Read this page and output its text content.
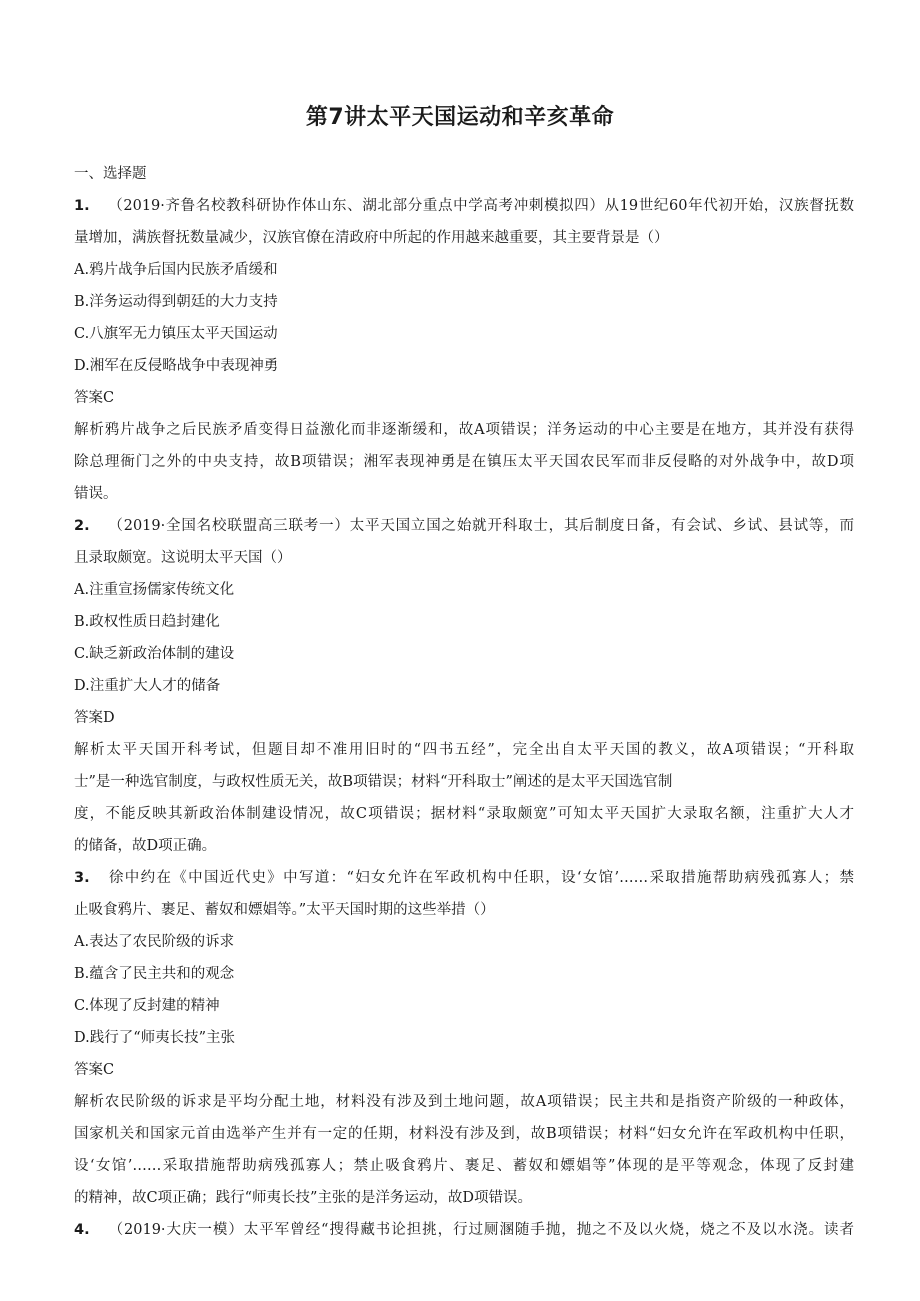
第7讲太平天国运动和辛亥革命
一、选择题
1. （2019·齐鲁名校教科研协作体山东、湖北部分重点中学高考冲刺模拟四）从19世纪60年代初开始，汉族督抚数
量增加，满族督抚数量减少，汉族官僚在清政府中所起的作用越来越重要，其主要背景是（）
A.鸦片战争后国内民族矛盾缓和
B.洋务运动得到朝廷的大力支持
C.八旗军无力镇压太平天国运动
D.湘军在反侵略战争中表现神勇
答案C
解析鸦片战争之后民族矛盾变得日益激化而非逐渐缓和，故A项错误；洋务运动的中心主要是在地方，其并没有获得
除总理衙门之外的中央支持，故B项错误；湘军表现神勇是在镇压太平天国农民军而非反侵略的对外战争中，故D项
错误。
2. （2019·全国名校联盟高三联考一）太平天国立国之始就开科取士，其后制度日备，有会试、乡试、县试等，而
且录取颇宽。这说明太平天国（）
A.注重宣扬儒家传统文化
B.政权性质日趋封建化
C.缺乏新政治体制的建设
D.注重扩大人才的储备
答案D
解析太平天国开科考试，但题目却不准用旧时的“四书五经”，完全出自太平天国的教义，故A项错误；“开科取
士”是一种选官制度，与政权性质无关，故B项错误；材料“开科取士”阐述的是太平天国选官制
度，不能反映其新政治体制建设情况，故C项错误；据材料“录取颇宽”可知太平天国扩大录取名额，注重扩大人才
的储备，故D项正确。
3. 徐中约在《中国近代史》中写道：“妇女允许在军政机构中任职，设‘女馆’……采取措施帮助病残孤寡人；禁
止吸食鸦片、裹足、蓄奴和嫖娼等。”太平天国时期的这些举措（）
A.表达了农民阶级的诉求
B.蕴含了民主共和的观念
C.体现了反封建的精神
D.践行了“师夷长技”主张
答案C
解析农民阶级的诉求是平均分配土地，材料没有涉及到土地问题，故A项错误；民主共和是指资产阶级的一种政体，
国家机关和国家元首由选举产生并有一定的任期，材料没有涉及到，故B项错误；材料“妇女允许在军政机构中任职，
设‘女馆’……采取措施帮助病残孤寡人；禁止吸食鸦片、裹足、蓄奴和嫖娼等”体现的是平等观念，体现了反封建
的精神，故C项正确；践行“师夷长技”主张的是洋务运动，故D项错误。
4. （2019·大庆一模）太平军曾经“搜得藏书论担挑，行过厕溷随手抛，抛之不及以火烧，烧之不及以水浇。读者
